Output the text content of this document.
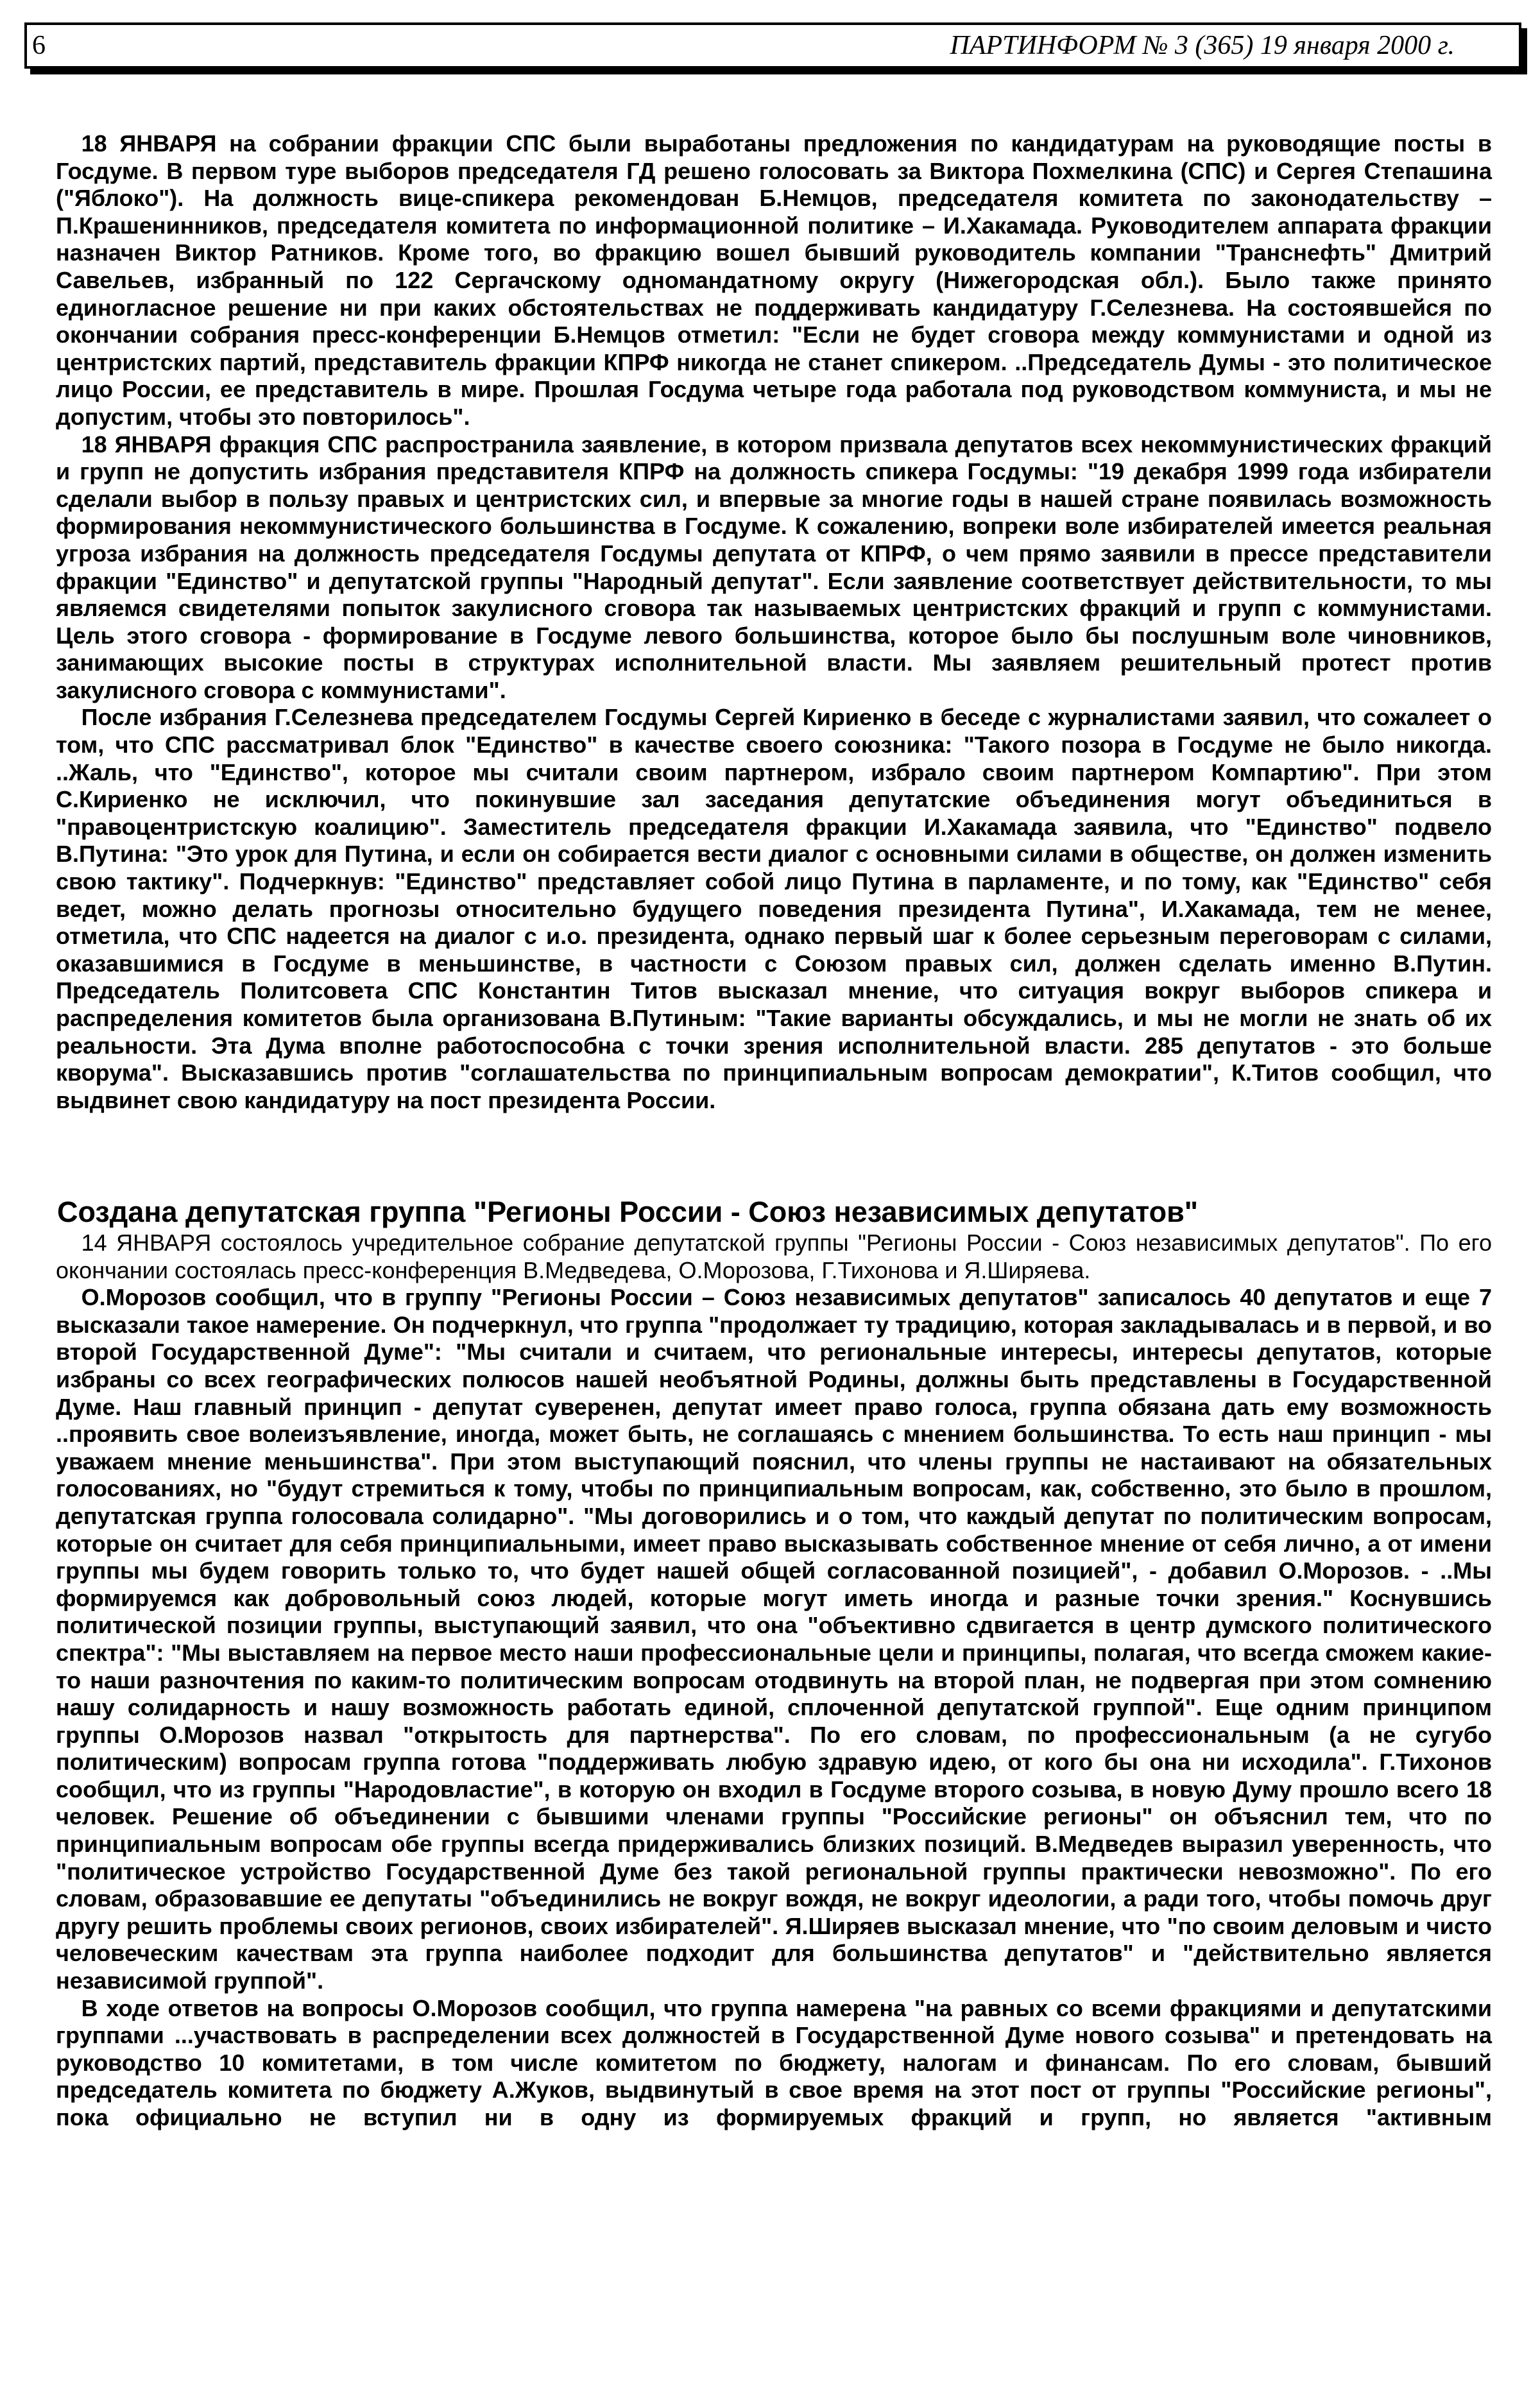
6	ПАРТИНФОРМ № 3 (365) 19 января 2000 г.

18 ЯНВАРЯ на собрании фракции СПС были выработаны предложения по кандидатурам на руководящие посты в Госдуме. В первом туре выборов председателя ГД решено голосовать за Виктора Похмелкина (СПС) и Сергея Степашина ("Яблоко"). На должность вице-спикера рекомендован Б.Немцов, председателя комитета по законодательству – П.Крашенинников, председателя комитета по информационной политике – И.Хакамада. Руководителем аппарата фракции назначен Виктор Ратников. Кроме того, во фракцию вошел бывший руководитель компании "Транснефть" Дмитрий Савельев, избранный по 122 Сергачскому одномандатному округу (Нижегородская обл.). Было также принято единогласное решение ни при каких обстоятельствах не поддерживать кандидатуру Г.Селезнева. На состоявшейся по окончании собрания пресс-конференции Б.Немцов отметил: "Если не будет сговора между коммунистами и одной из центристских партий, представитель фракции КПРФ никогда не станет спикером. ..Председатель Думы - это политическое лицо России, ее представитель в мире. Прошлая Госдума четыре года работала под руководством коммуниста, и мы не допустим, чтобы это повторилось".

18 ЯНВАРЯ фракция СПС распространила заявление, в котором призвала депутатов всех некоммунистических фракций и групп не допустить избрания представителя КПРФ на должность спикера Госдумы: "19 декабря 1999 года избиратели сделали выбор в пользу правых и центристских сил, и впервые за многие годы в нашей стране появилась возможность формирования некоммунистического большинства в Госдуме. К сожалению, вопреки воле избирателей имеется реальная угроза избрания на должность председателя Госдумы депутата от КПРФ, о чем прямо заявили в прессе представители фракции "Единство" и депутатской группы "Народный депутат". Если заявление соответствует действительности, то мы являемся свидетелями попыток закулисного сговора так называемых центристских фракций и групп с коммунистами. Цель этого сговора - формирование в Госдуме левого большинства, которое было бы послушным воле чиновников, занимающих высокие посты в структурах исполнительной власти. Мы заявляем решительный протест против закулисного сговора с коммунистами".

После избрания Г.Селезнева председателем Госдумы Сергей Кириенко в беседе с журналистами заявил, что сожалеет о том, что СПС рассматривал блок "Единство" в качестве своего союзника: "Такого позора в Госдуме не было никогда. ..Жаль, что "Единство", которое мы считали своим партнером, избрало своим партнером Компартию". При этом С.Кириенко не исключил, что покинувшие зал заседания депутатские объединения могут объединиться в "правоцентристскую коалицию". Заместитель председателя фракции И.Хакамада заявила, что "Единство" подвело В.Путина: "Это урок для Путина, и если он собирается вести диалог с основными силами в обществе, он должен изменить свою тактику". Подчеркнув: "Единство" представляет собой лицо Путина в парламенте, и по тому, как "Единство" себя ведет, можно делать прогнозы относительно будущего поведения президента Путина", И.Хакамада, тем не менее, отметила, что СПС надеется на диалог с и.о. президента, однако первый шаг к более серьезным переговорам с силами, оказавшимися в Госдуме в меньшинстве, в частности с Союзом правых сил, должен сделать именно В.Путин. Председатель Политсовета СПС Константин Титов высказал мнение, что ситуация вокруг выборов спикера и распределения комитетов была организована В.Путиным: "Такие варианты обсуждались, и мы не могли не знать об их реальности. Эта Дума вполне работоспособна с точки зрения исполнительной власти. 285 депутатов - это больше кворума". Высказавшись против "соглашательства по принципиальным вопросам демократии", К.Титов сообщил, что выдвинет свою кандидатуру на пост президента России.

Создана депутатская группа "Регионы России - Союз независимых депутатов"

14 ЯНВАРЯ состоялось учредительное собрание депутатской группы "Регионы России - Союз независимых депутатов". По его окончании состоялась пресс-конференция В.Медведева, О.Морозова, Г.Тихонова и Я.Ширяева.

О.Морозов сообщил, что в группу "Регионы России – Союз независимых депутатов" записалось 40 депутатов и еще 7 высказали такое намерение. Он подчеркнул, что группа "продолжает ту традицию, которая закладывалась и в первой, и во второй Государственной Думе": "Мы считали и считаем, что региональные интересы, интересы депутатов, которые избраны со всех географических полюсов нашей необъятной Родины, должны быть представлены в Государственной Думе. Наш главный принцип - депутат суверенен, депутат имеет право голоса, группа обязана дать ему возможность ..проявить свое волеизъявление, иногда, может быть, не соглашаясь с мнением большинства. То есть наш принцип - мы уважаем мнение меньшинства". При этом выступающий пояснил, что члены группы не настаивают на обязательных голосованиях, но "будут стремиться к тому, чтобы по принципиальным вопросам, как, собственно, это было в прошлом, депутатская группа голосовала солидарно". "Мы договорились и о том, что каждый депутат по политическим вопросам, которые он считает для себя принципиальными, имеет право высказывать собственное мнение от себя лично, а от имени группы мы будем говорить только то, что будет нашей общей согласованной позицией", - добавил О.Морозов. - ..Мы формируемся как добровольный союз людей, которые могут иметь иногда и разные точки зрения." Коснувшись политической позиции группы, выступающий заявил, что она "объективно сдвигается в центр думского политического спектра": "Мы выставляем на первое место наши профессиональные цели и принципы, полагая, что всегда сможем какие-то наши разночтения по каким-то политическим вопросам отодвинуть на второй план, не подвергая при этом сомнению нашу солидарность и нашу возможность работать единой, сплоченной депутатской группой". Еще одним принципом группы О.Морозов назвал "открытость для партнерства". По его словам, по профессиональным (а не сугубо политическим) вопросам группа готова "поддерживать любую здравую идею, от кого бы она ни исходила". Г.Тихонов сообщил, что из группы "Народовластие", в которую он входил в Госдуме второго созыва, в новую Думу прошло всего 18 человек. Решение об объединении с бывшими членами группы "Российские регионы" он объяснил тем, что по принципиальным вопросам обе группы всегда придерживались близких позиций. В.Медведев выразил уверенность, что "политическое устройство Государственной Думе без такой региональной группы практически невозможно". По его словам, образовавшие ее депутаты "объединились не вокруг вождя, не вокруг идеологии, а ради того, чтобы помочь друг другу решить проблемы своих регионов, своих избирателей". Я.Ширяев высказал мнение, что "по своим деловым и чисто человеческим качествам эта группа наиболее подходит для большинства депутатов" и "действительно является независимой группой".

В ходе ответов на вопросы О.Морозов сообщил, что группа намерена "на равных со всеми фракциями и депутатскими группами ...участвовать в распределении всех должностей в Государственной Думе нового созыва" и претендовать на руководство 10 комитетами, в том числе комитетом по бюджету, налогам и финансам. По его словам, бывший председатель комитета по бюджету А.Жуков, выдвинутый в свое время на этот пост от группы "Российские регионы", пока официально не вступил ни в одну из формируемых фракций и групп, но является "активным
